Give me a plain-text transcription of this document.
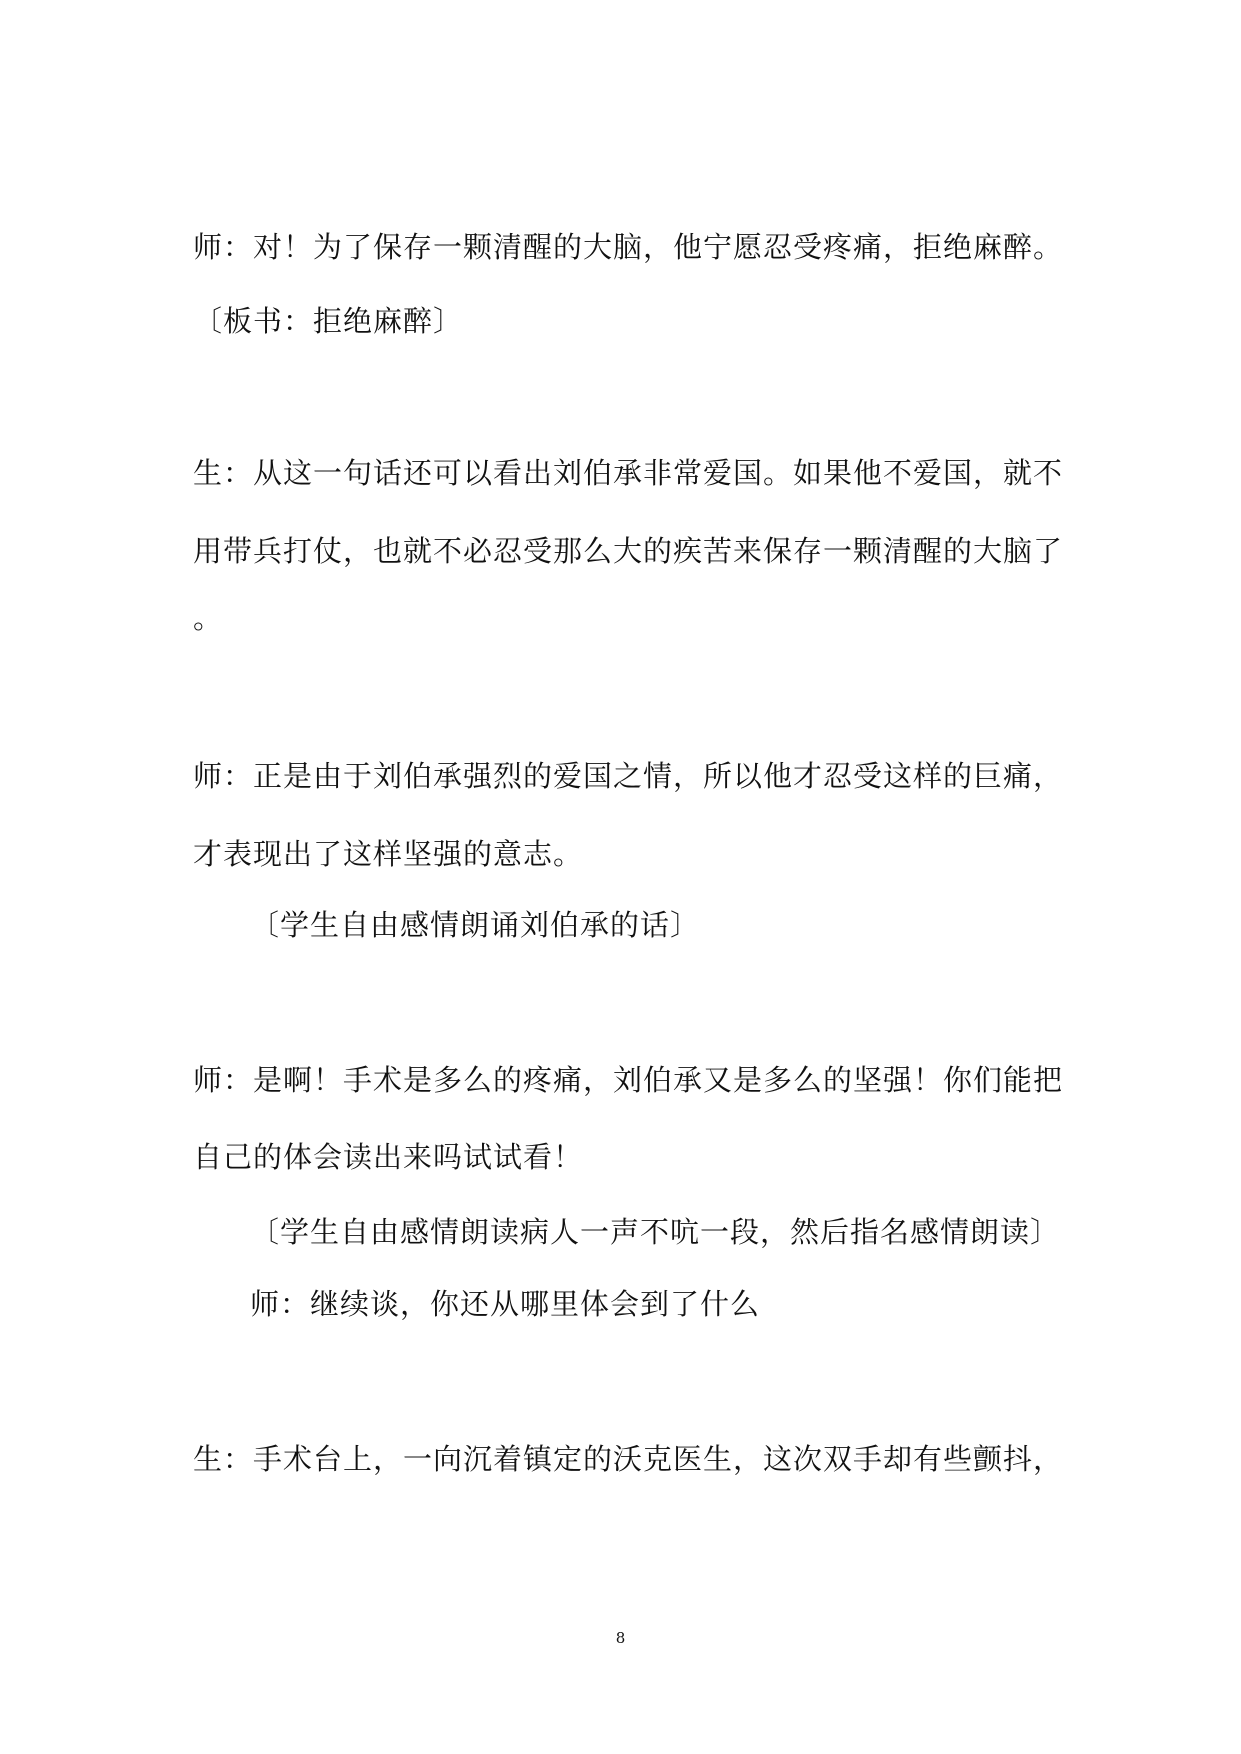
师：对！为了保存一颗清醒的大脑，他宁愿忍受疼痛，拒绝麻醉。
〔板书：拒绝麻醉〕
生：从这一句话还可以看出刘伯承非常爱国。如果他不爱国，就不
用带兵打仗，也就不必忍受那么大的疾苦来保存一颗清醒的大脑了
。
师：正是由于刘伯承强烈的爱国之情，所以他才忍受这样的巨痛，
才表现出了这样坚强的意志。
〔学生自由感情朗诵刘伯承的话〕
师：是啊！手术是多么的疼痛，刘伯承又是多么的坚强！你们能把
自己的体会读出来吗试试看！
〔学生自由感情朗读病人一声不吭一段，然后指名感情朗读〕
师：继续谈，你还从哪里体会到了什么
生：手术台上，一向沉着镇定的沃克医生，这次双手却有些颤抖，
8
